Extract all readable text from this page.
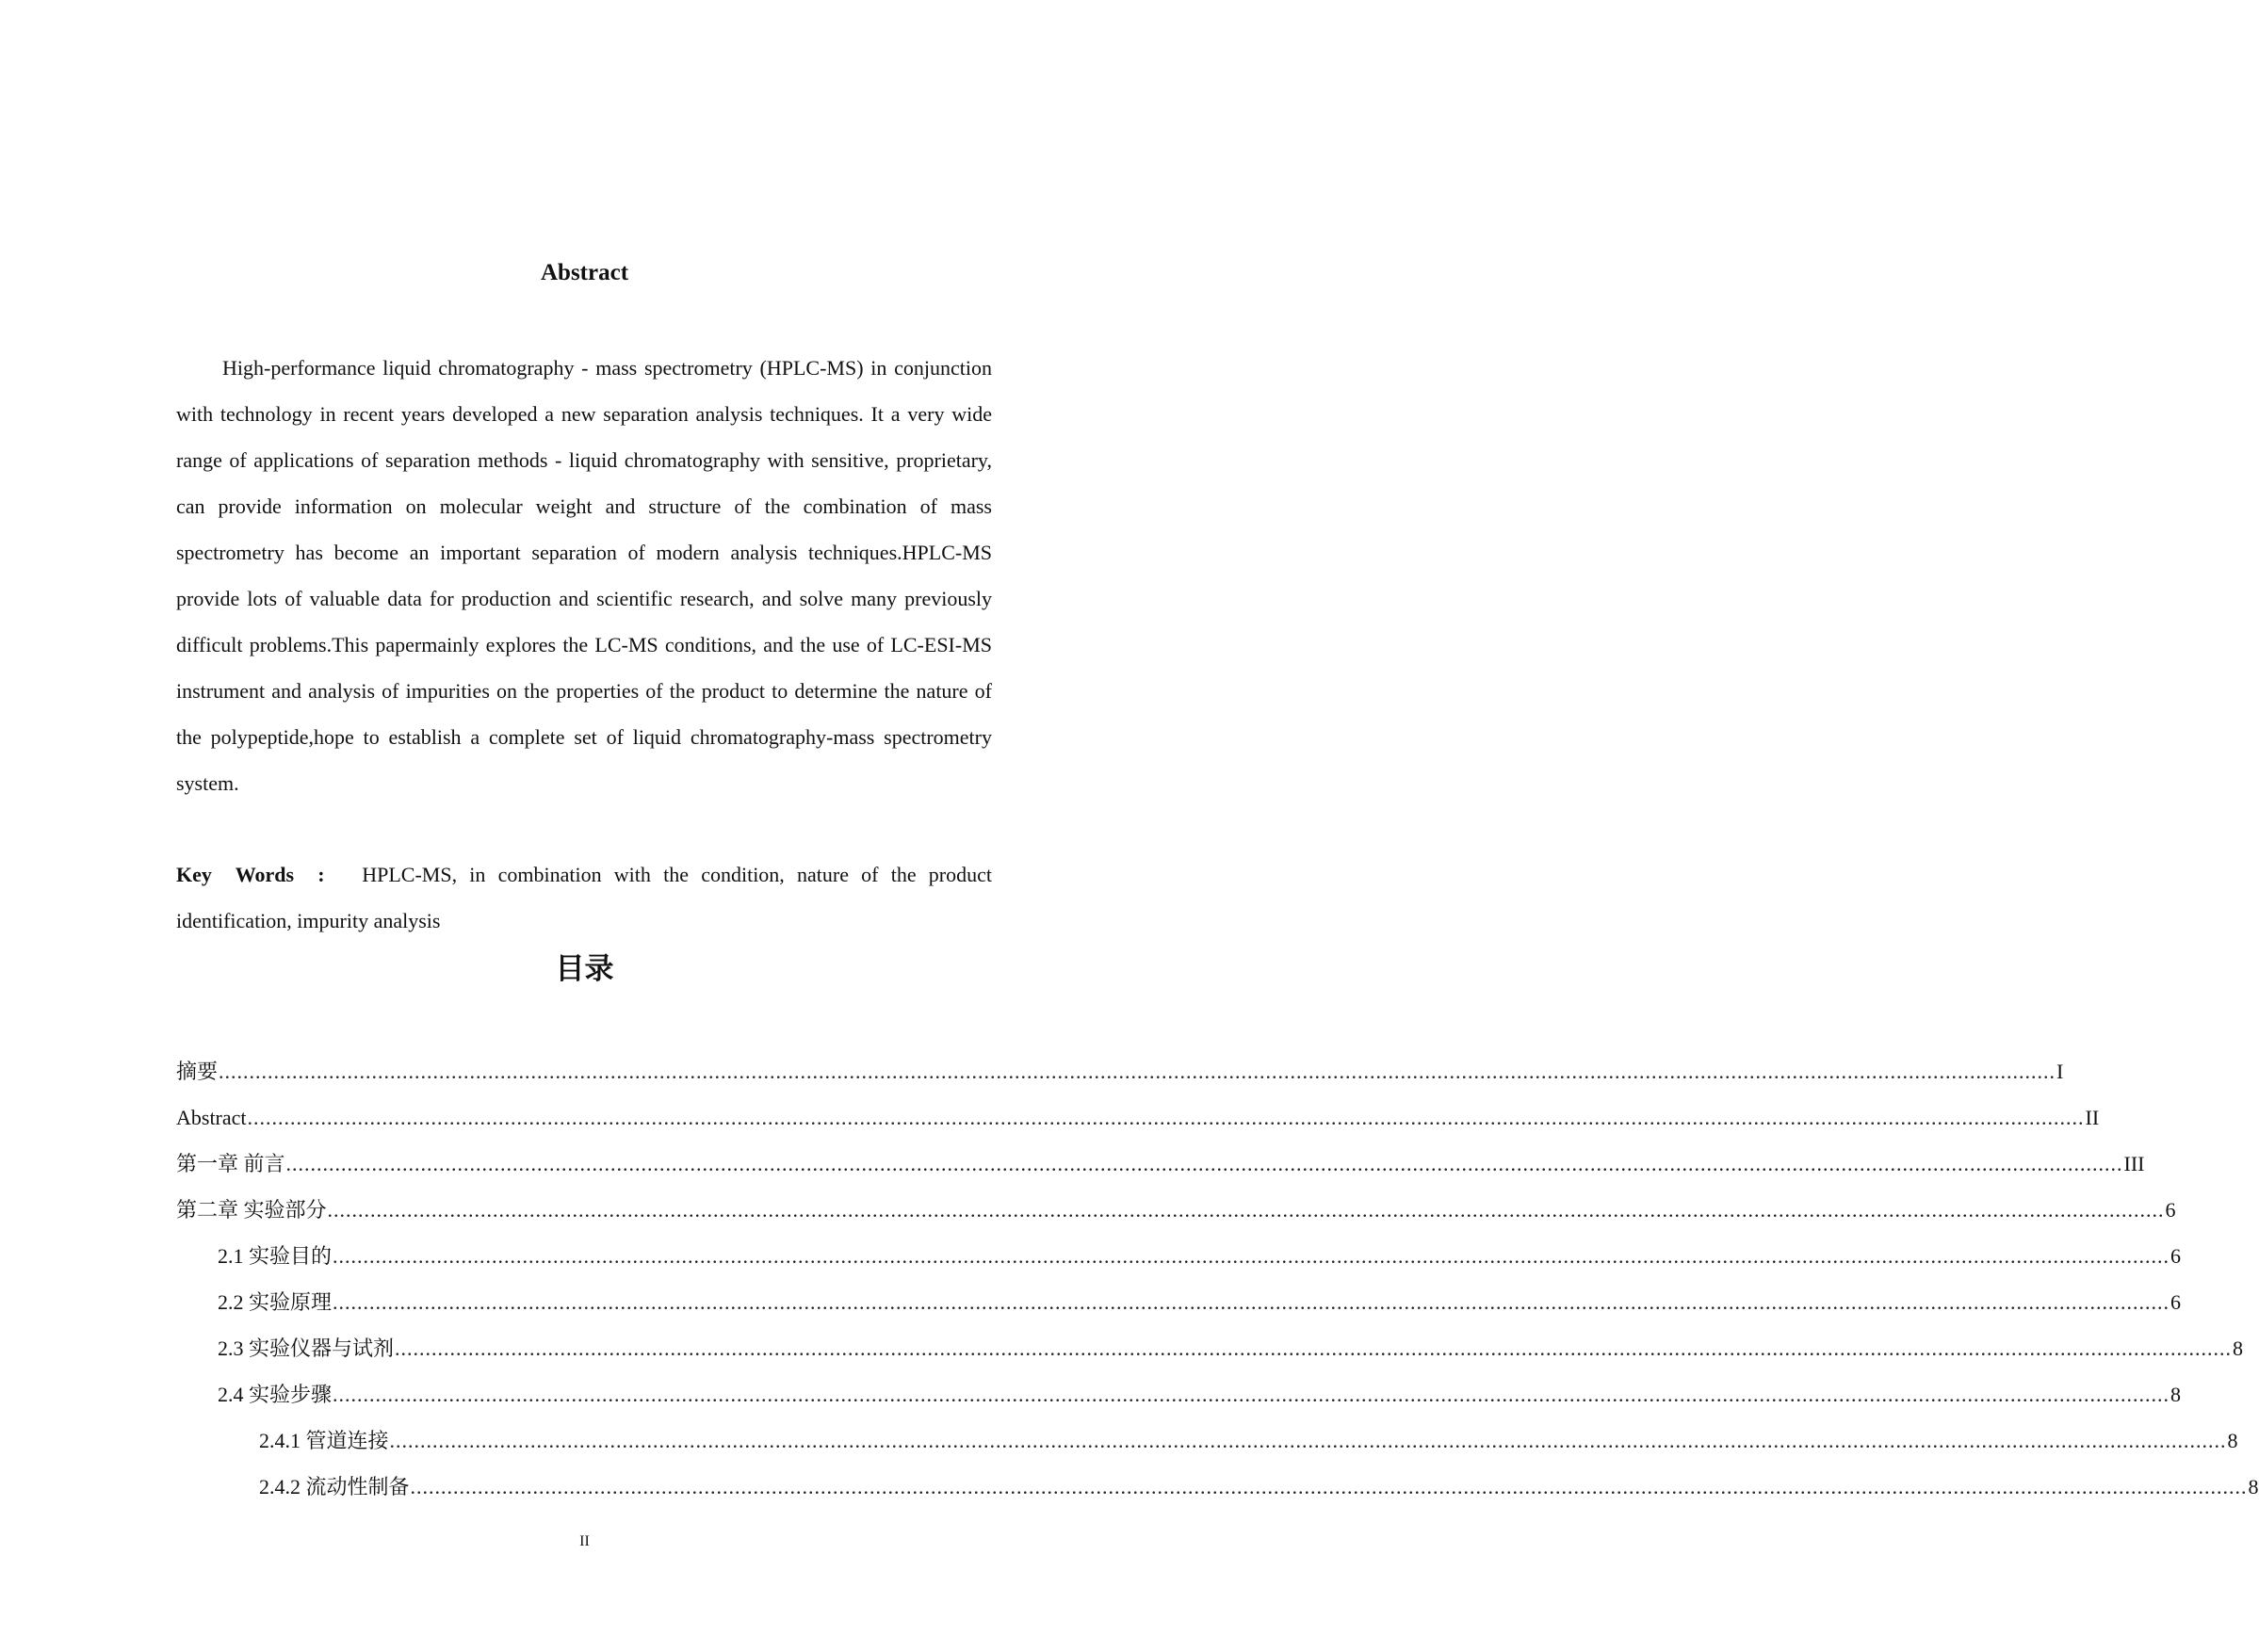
Abstract

High-performance liquid chromatography - mass spectrometry (HPLC-MS) in conjunction with technology in recent years developed a new separation analysis techniques. It a very wide range of applications of separation methods - liquid chromatography with sensitive, proprietary, can provide information on molecular weight and structure of the combination of mass spectrometry has become an important separation of modern analysis techniques.HPLC-MS provide lots of valuable data for production and scientific research, and solve many previously difficult problems.This papermainly explores the LC-MS conditions, and the use of LC-ESI-MS instrument and analysis of impurities on the properties of the product to determine the nature of the polypeptide,hope to establish a complete set of liquid chromatography-mass spectrometry system.

Key Words : HPLC-MS, in combination with the condition, nature of the product identification, impurity analysis

目录
摘要 ............................................................................................................................................................................................................................................................................................................ I
Abstract ............................................................................................................................................................................................................................................................................................................ II
第一章 前言 ............................................................................................................................................................................................................................................................................................................ III
第二章 实验部分 ............................................................................................................................................................................................................................................................................................................ 6
2.1 实验目的 ............................................................................................................................................................................................................................................................................................................ 6
2.2 实验原理 ............................................................................................................................................................................................................................................................................................................ 6
2.3 实验仪器与试剂 ............................................................................................................................................................................................................................................................................................................ 8
2.4 实验步骤 ............................................................................................................................................................................................................................................................................................................ 8
2.4.1 管道连接 ............................................................................................................................................................................................................................................................................................................ 8
2.4.2 流动性制备 ............................................................................................................................................................................................................................................................................................................ 8
II
